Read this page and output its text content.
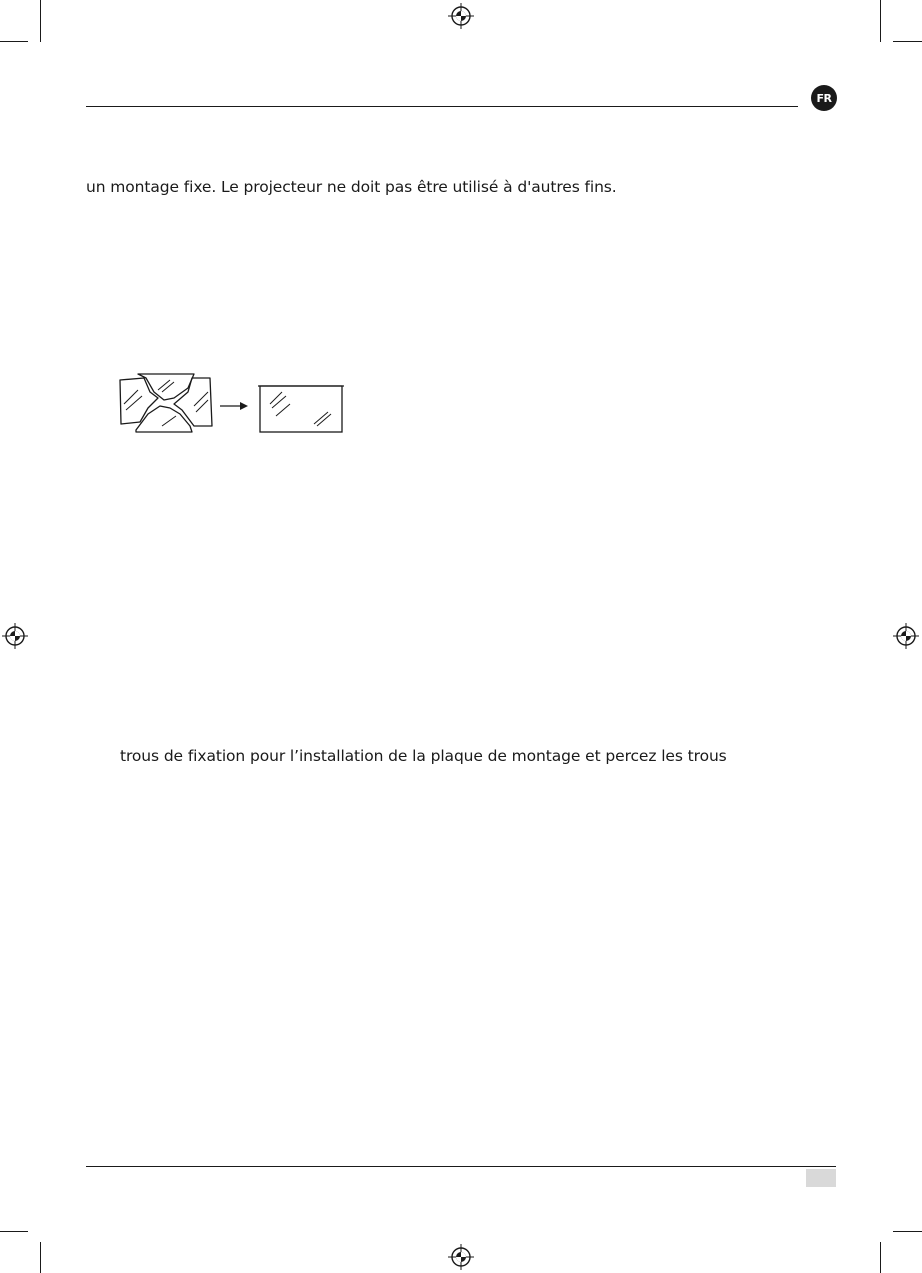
FR
un montage fixe. Le projecteur ne doit pas être utilisé à d'autres fins.
trous de fixation pour l’installation de la plaque de montage et percez les trous
